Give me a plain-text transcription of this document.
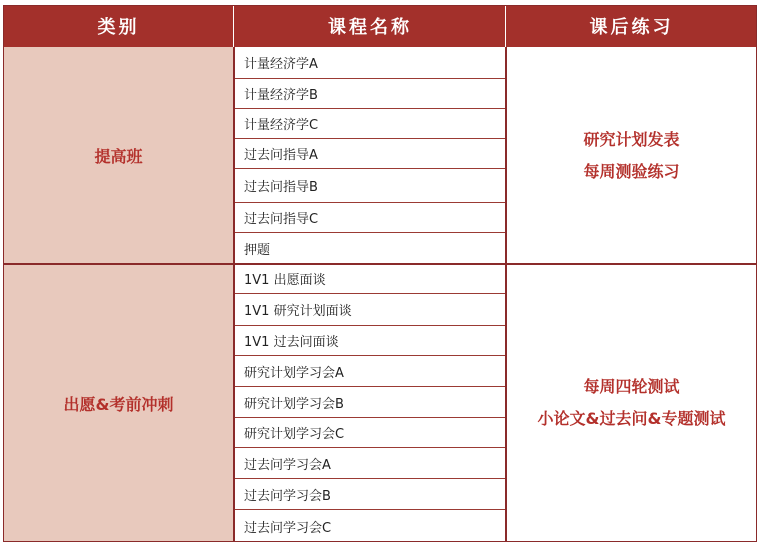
类别	课程名称	课后练习
提高班
计量经济学A
计量经济学B
计量经济学C
过去问指导A
过去问指导B
过去问指导C
押题
研究计划发表
每周测验练习
出愿&考前冲刺
1V1 出愿面谈
1V1 研究计划面谈
1V1 过去问面谈
研究计划学习会A
研究计划学习会B
研究计划学习会C
过去问学习会A
过去问学习会B
过去问学习会C
每周四轮测试
小论文&过去问&专题测试
